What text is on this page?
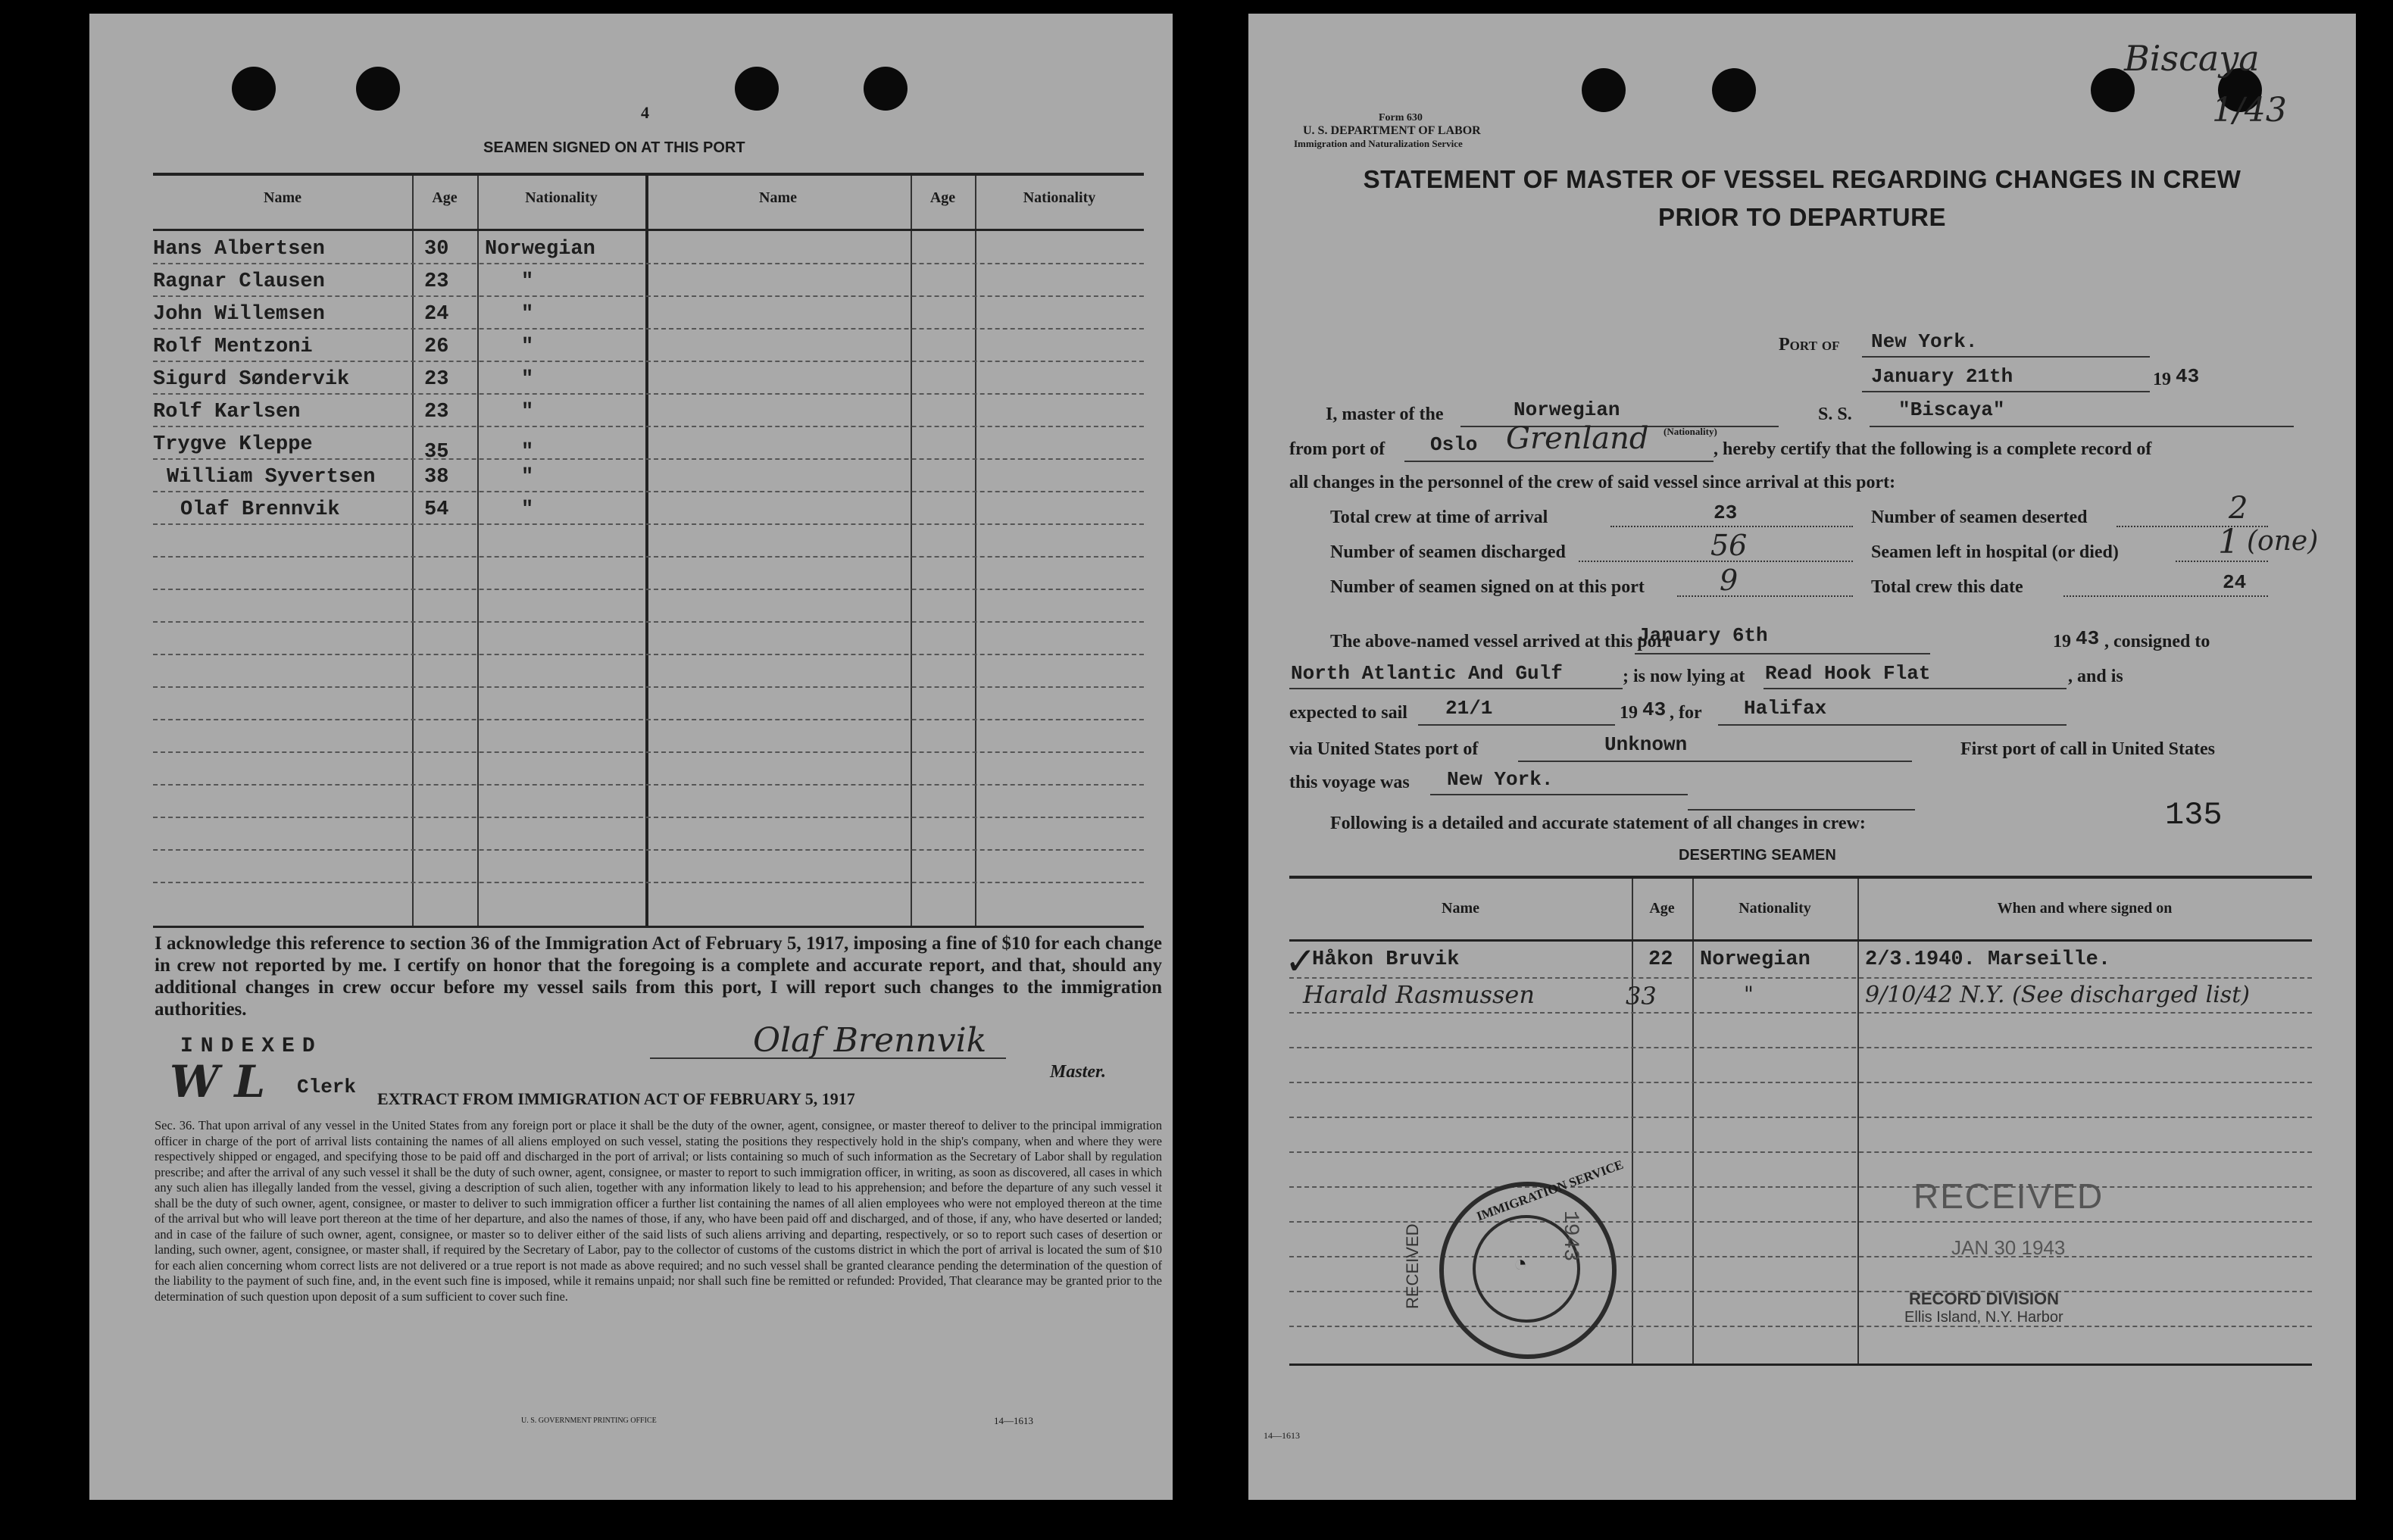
4
SEAMEN SIGNED ON AT THIS PORT
Name	Age	Nationality	Name	Age	Nationality
Hans Albertsen	30 Norwegian
Ragnar Clausen	23	"
John Willemsen	24	"
Rolf Mentzoni	26	"
Sigurd Søndervik	23	"
Rolf Karlsen	23	"
Trygve Kleppe	35	"
William Syvertsen 38	"
Olaf Brennvik	54	"
I acknowledge this reference to section 36 of the Immigration Act of February 5, 1917, imposing a fine of $10 for each change in crew not reported by me. I certify on honor that the foregoing is a complete and accurate report, and that, should any additional changes in crew occur before my vessel sails from this port, I will report such changes to the immigration authorities.
INDEXED
W L Clerk
Olaf Brennvik
Master.
EXTRACT FROM IMMIGRATION ACT OF FEBRUARY 5, 1917
Sec. 36. That upon arrival of any vessel in the United States from any foreign port or place it shall be the duty of the owner, agent, consignee, or master thereof to deliver to the principal immigration officer in charge of the port of arrival lists containing the names of all aliens employed on such vessel, stating the positions they respectively hold in the ship's company, when and where they were respectively shipped or engaged, and specifying those to be paid off and discharged in the port of arrival; or lists containing so much of such information as the Secretary of Labor shall by regulation prescribe; and after the arrival of any such vessel it shall be the duty of such owner, agent, consignee, or master to report to such immigration officer, in writing, as soon as discovered, all cases in which any such alien has illegally landed from the vessel, giving a description of such alien, together with any information likely to lead to his apprehension; and before the departure of any such vessel it shall be the duty of such owner, agent, consignee, or master to deliver to such immigration officer a further list containing the names of all alien employees who were not employed thereon at the time of the arrival but who will leave port thereon at the time of her departure, and also the names of those, if any, who have been paid off and discharged, and of those, if any, who have deserted or landed; and in case of the failure of such owner, agent, consignee, or master so to deliver either of the said lists of such aliens arriving and departing, respectively, or so to report such cases of desertion or landing, such owner, agent, consignee, or master shall, if required by the Secretary of Labor, pay to the collector of customs of the customs district in which the port of arrival is located the sum of $10 for each alien concerning whom correct lists are not delivered or a true report is not made as above required; and no such vessel shall be granted clearance pending the determination of the question of the liability to the payment of such fine, and, in the event such fine is imposed, while it remains unpaid; nor shall such fine be remitted or refunded: Provided, That clearance may be granted prior to the determination of such question upon deposit of a sum sufficient to cover such fine.
U. S. GOVERNMENT PRINTING OFFICE	14—1613
Biscaya
1/43
Form 630
U. S. DEPARTMENT OF LABOR
Immigration and Naturalization Service
STATEMENT OF MASTER OF VESSEL REGARDING CHANGES IN CREW
PRIOR TO DEPARTURE
Port of New York.
January 21th	19 43
I, master of the	Norwegian
(Nationality)
S. S. "Biscaya"
from port of Oslo Grenland	, hereby certify that the following is a complete record of
all changes in the personnel of the crew of said vessel since arrival at this port:
Total crew at time of arrival	23	Number of seamen deserted	2
Number of seamen discharged	56	Seamen left in hospital (or died)	1 (one)
Number of seamen signed on at this port	9	Total crew this date	24
The above-named vessel arrived at this port
January 6th	19 43 , consigned to
North Atlantic And Gulf	; is now lying at Read Hook Flat	, and is
expected to sail 21/1	19 43 , for Halifax
via United States port of	Unknown	First port of call in United States
this voyage was New York.
Following is a detailed and accurate statement of all changes in crew:	135
DESERTING SEAMEN
Name	Age	Nationality	When and where signed on
✓
Håkon Bruvik	22 Norwegian	2/3.1940. Marseille.
Harald Rasmussen	33	"	9/10/42 N.Y. (See discharged list)
RECEIVED
IMMIGRATION SERVICE
◔
1943
RECEIVED
JAN 30 1943
RECORD DIVISION
Ellis Island, N.Y. Harbor
14—1613
